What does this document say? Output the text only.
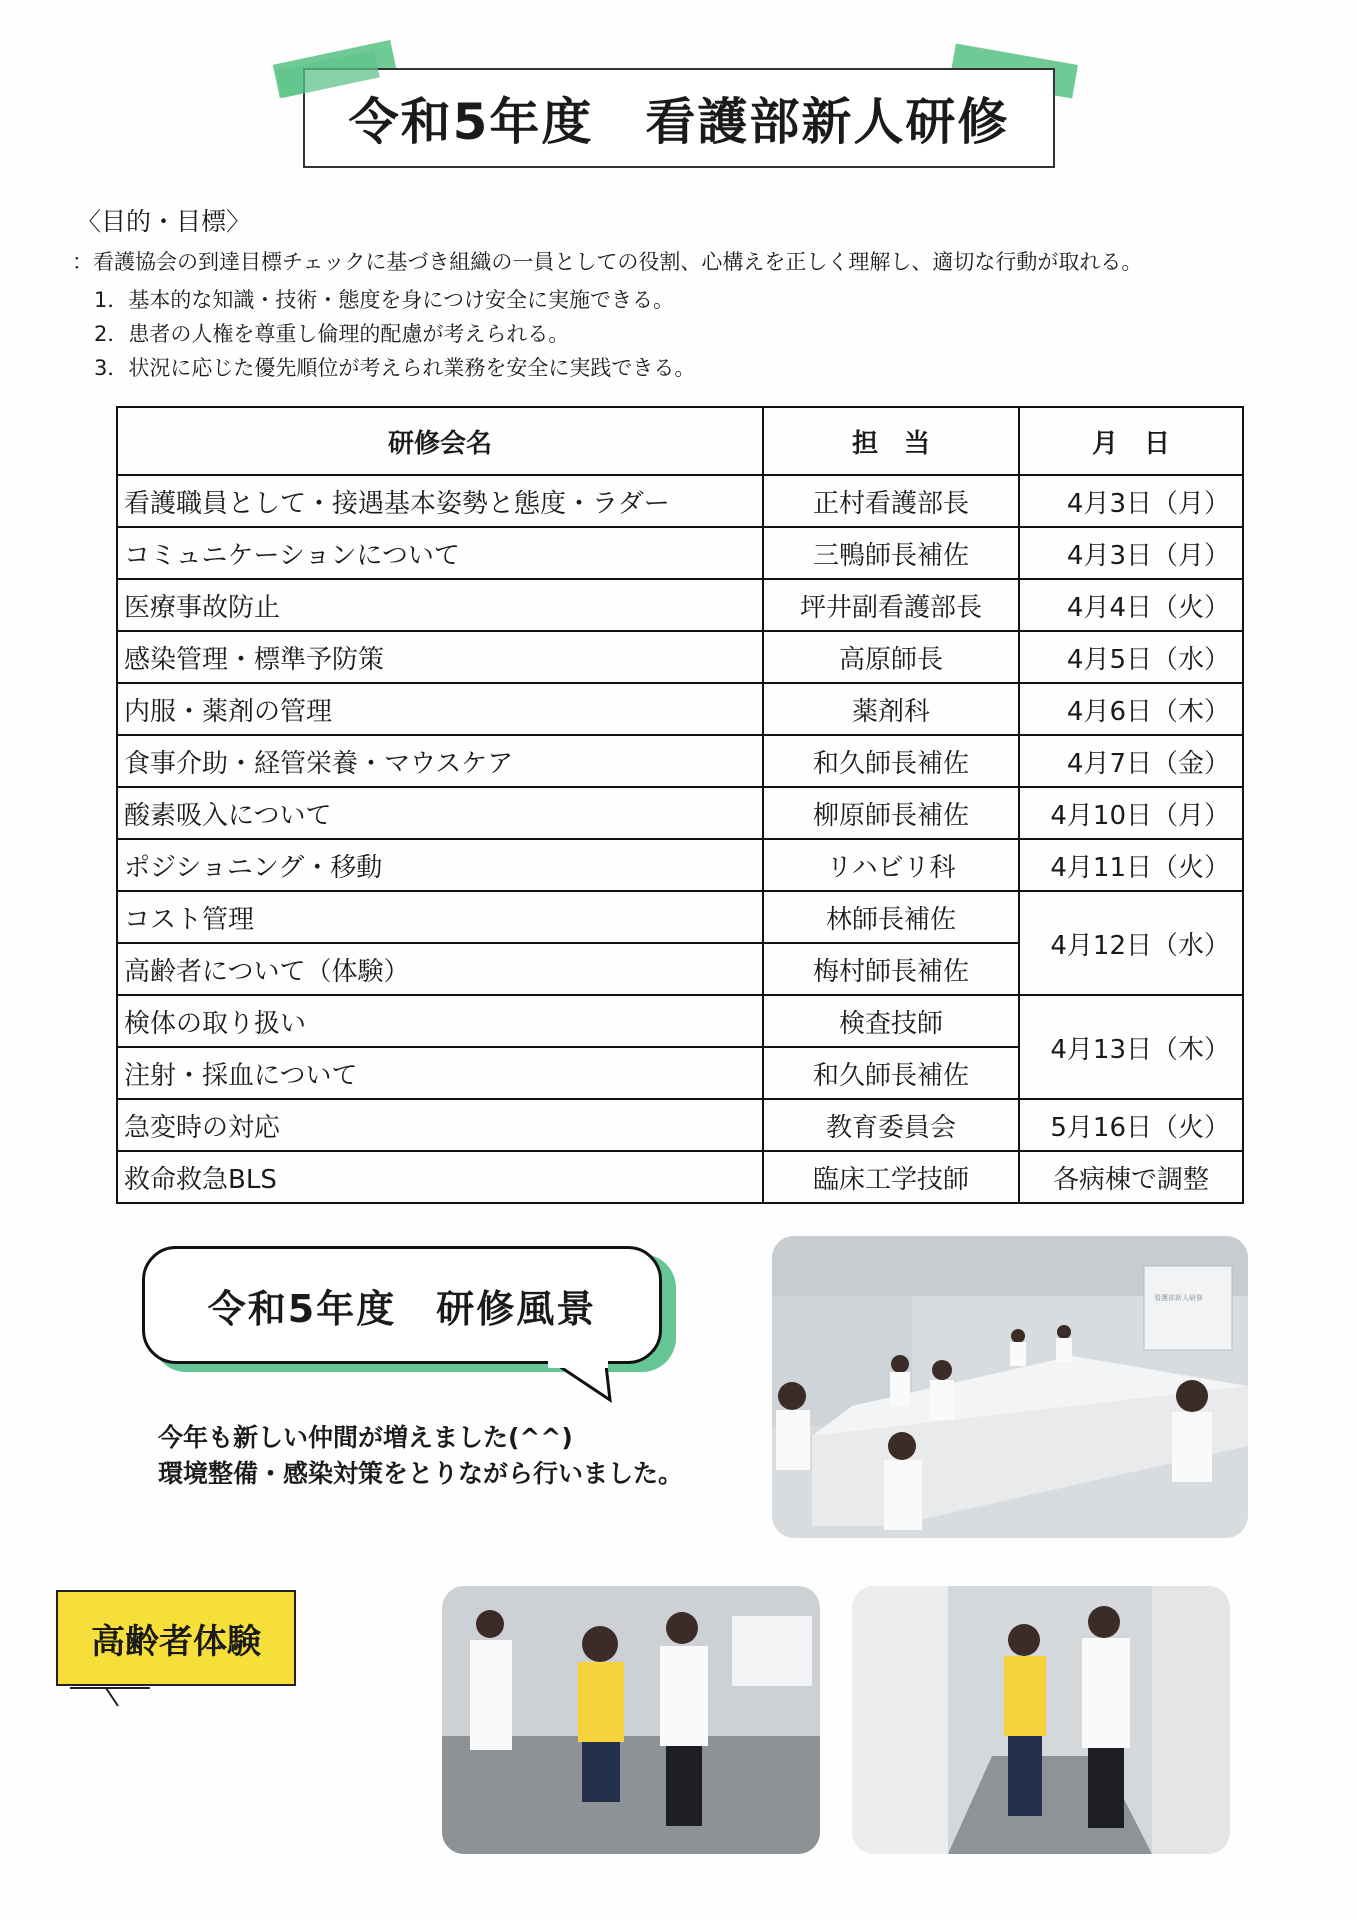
令和5年度　看護部新人研修
〈目的・目標〉
：看護協会の到達目標チェックに基づき組織の一員としての役割、心構えを正しく理解し、適切な行動が取れる。
1．基本的な知識・技術・態度を身につけ安全に実施できる。
2．患者の人権を尊重し倫理的配慮が考えられる。
3．状況に応じた優先順位が考えられ業務を安全に実践できる。
研修会名	担　当	月　日
看護職員として・接遇基本姿勢と態度・ラダー	正村看護部長	4月3日（月）
コミュニケーションについて	三鴨師長補佐	4月3日（月）
医療事故防止	坪井副看護部長	4月4日（火）
感染管理・標準予防策	高原師長	4月5日（水）
内服・薬剤の管理	薬剤科	4月6日（木）
食事介助・経管栄養・マウスケア	和久師長補佐	4月7日（金）
酸素吸入について	柳原師長補佐	4月10日（月）
ポジショニング・移動	リハビリ科	4月11日（火）
コスト管理	林師長補佐	4月12日（水）
高齢者について（体験）	梅村師長補佐	
検体の取り扱い	検査技師	4月13日（木）
注射・採血について	和久師長補佐	
急変時の対応	教育委員会	5月16日（火）
救命救急BLS	臨床工学技師	各病棟で調整
令和5年度　研修風景
今年も新しい仲間が増えました(^^)
環境整備・感染対策をとりながら行いました。
看護部新人研修
高齢者体験
